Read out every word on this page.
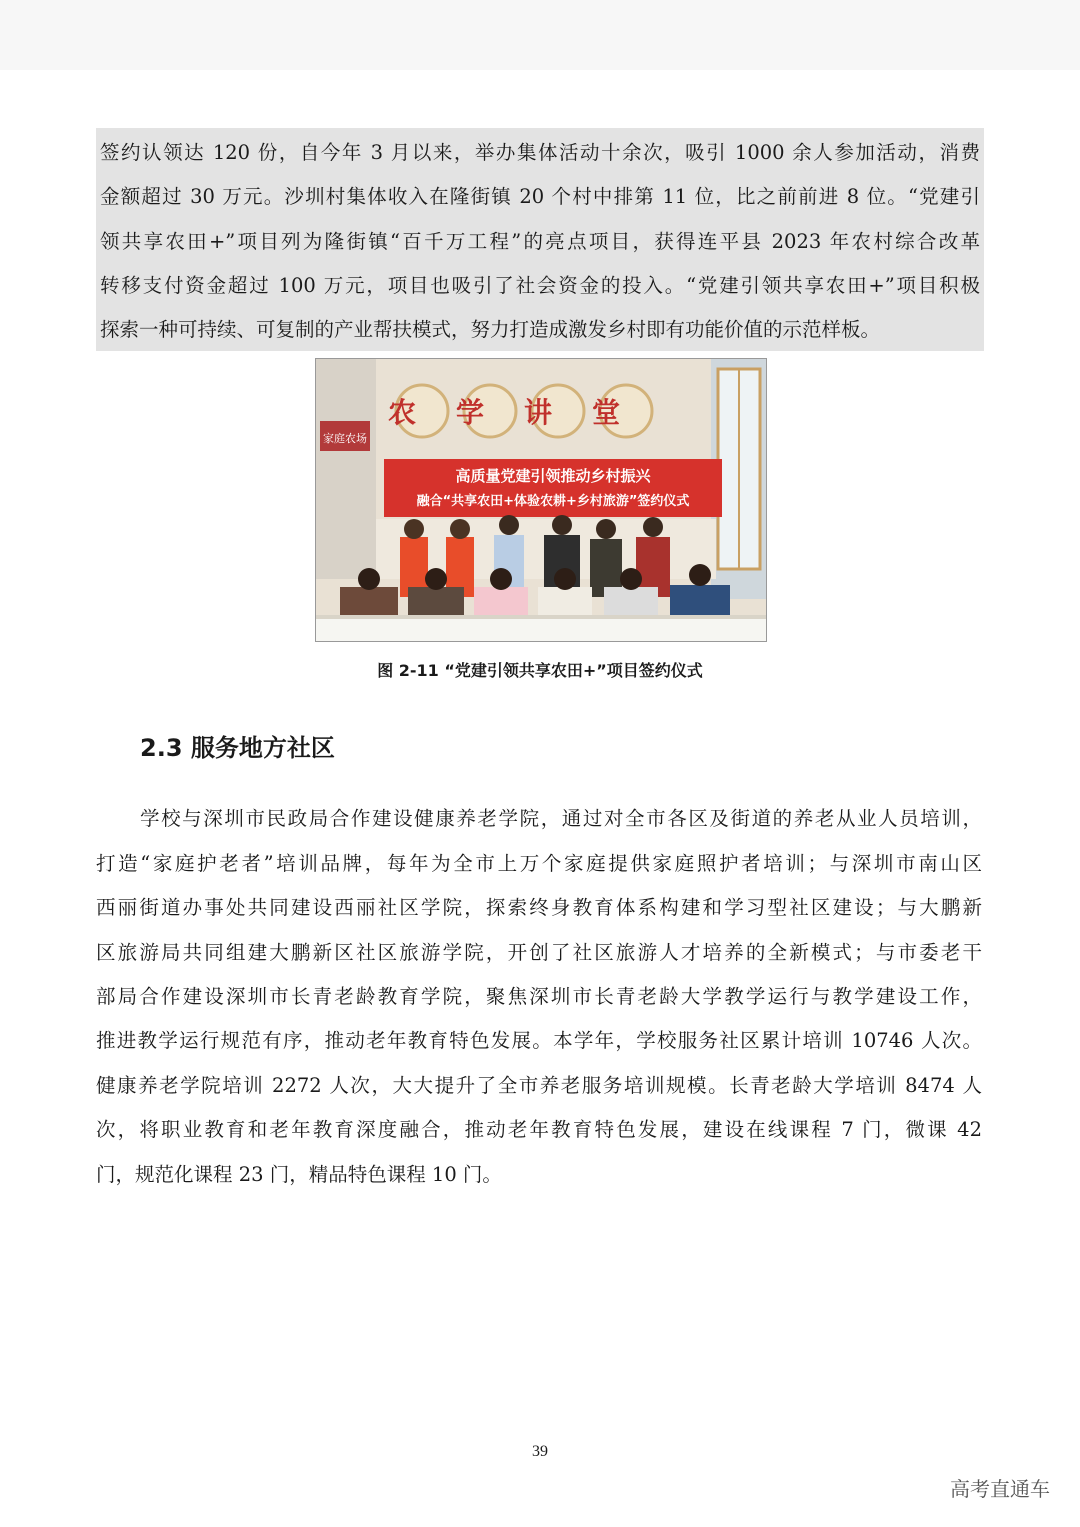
签约认领达 120 份，自今年 3 月以来，举办集体活动十余次，吸引 1000 余人参加活动，消费
金额超过 30 万元。沙圳村集体收入在隆街镇 20 个村中排第 11 位，比之前前进 8 位。“党建引
领共享农田+”项目列为隆街镇“百千万工程”的亮点项目，获得连平县 2023 年农村综合改革
转移支付资金超过 100 万元，项目也吸引了社会资金的投入。“党建引领共享农田+”项目积极
探索一种可持续、可复制的产业帮扶模式，努力打造成激发乡村即有功能价值的示范样板。
家庭农场
农学讲堂
高质量党建引领推动乡村振兴
融合“共享农田+体验农耕+乡村旅游”签约仪式
图 2-11 “党建引领共享农田+”项目签约仪式
2.3 服务地方社区
学校与深圳市民政局合作建设健康养老学院，通过对全市各区及街道的养老从业人员培训，
打造“家庭护老者”培训品牌，每年为全市上万个家庭提供家庭照护者培训；与深圳市南山区
西丽街道办事处共同建设西丽社区学院，探索终身教育体系构建和学习型社区建设；与大鹏新
区旅游局共同组建大鹏新区社区旅游学院，开创了社区旅游人才培养的全新模式；与市委老干
部局合作建设深圳市长青老龄教育学院，聚焦深圳市长青老龄大学教学运行与教学建设工作，
推进教学运行规范有序，推动老年教育特色发展。本学年，学校服务社区累计培训 10746 人次。
健康养老学院培训 2272 人次，大大提升了全市养老服务培训规模。长青老龄大学培训 8474 人
次，将职业教育和老年教育深度融合，推动老年教育特色发展，建设在线课程 7 门，微课 42
门，规范化课程 23 门，精品特色课程 10 门。
39
高考直通车
